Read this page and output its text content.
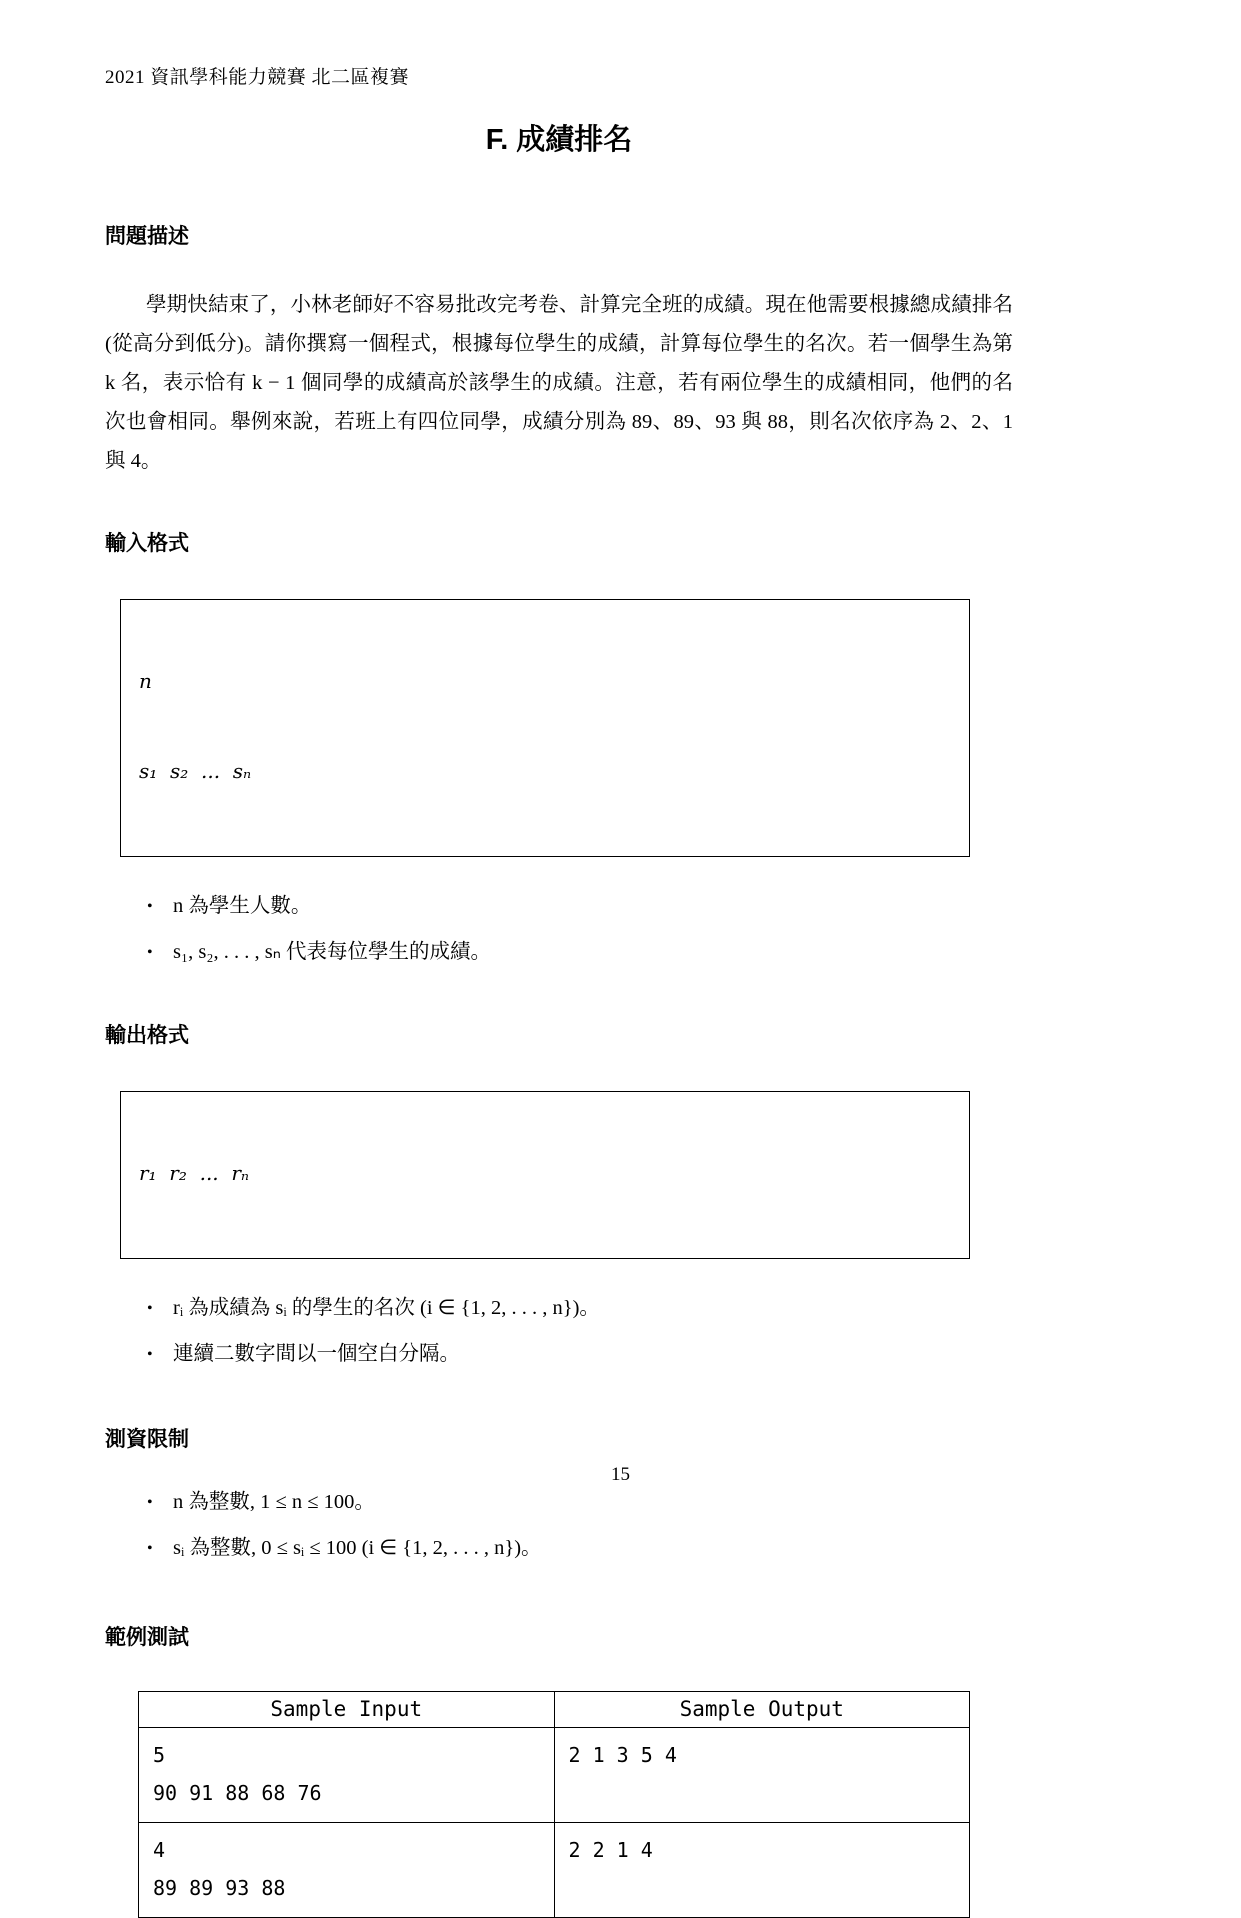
2021 資訊學科能力競賽 北二區複賽
F. 成績排名
問題描述
學期快結束了，小林老師好不容易批改完考卷、計算完全班的成績。現在他需要根據總成績排名 (從高分到低分)。請你撰寫一個程式，根據每位學生的成績，計算每位學生的名次。若一個學生為第 k 名，表示恰有 k − 1 個同學的成績高於該學生的成績。注意，若有兩位學生的成績相同，他們的名次也會相同。舉例來說，若班上有四位同學，成績分別為 89、89、93 與 88，則名次依序為 2、2、1 與 4。
輸入格式

n

s₁  s₂  ...  sₙ

• n 為學生人數。
• s₁, s₂, . . . , sₙ 代表每位學生的成績。
輸出格式

r₁  r₂  ...  rₙ

• rᵢ 為成績為 sᵢ 的學生的名次 (i ∈ {1, 2, . . . , n})。
• 連續二數字間以一個空白分隔。
測資限制
• n 為整數, 1 ≤ n ≤ 100。
• sᵢ 為整數, 0 ≤ sᵢ ≤ 100 (i ∈ {1, 2, . . . , n})。
範例測試
Sample Input	Sample Output

5
90 91 88 68 76	2 1 3 5 4

4
89 89 93 88	2 2 1 4
15
